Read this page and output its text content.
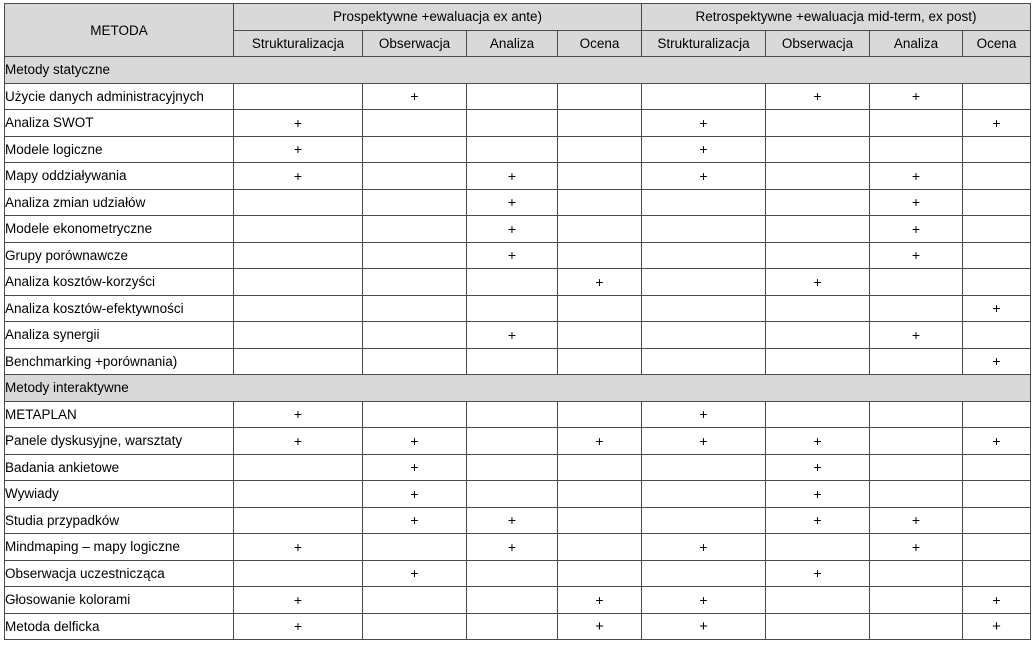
METODA	Prospektywne +ewaluacja ex ante)				Retrospektywne +ewaluacja mid-term, ex post)			
	Strukturalizacja	Obserwacja	Analiza	Ocena	Strukturalizacja	Obserwacja	Analiza	Ocena
Metody statyczne								
Użycie danych administracyjnych		+				+	+	
Analiza SWOT	+				+			+
Modele logiczne	+				+			
Mapy oddziaływania	+		+		+		+	
Analiza zmian udziałów			+				+	
Modele ekonometryczne			+				+	
Grupy porównawcze			+				+	
Analiza kosztów-korzyści				+		+		
Analiza kosztów-efektywności								+
Analiza synergii			+				+	
Benchmarking +porównania)								+
Metody interaktywne								
METAPLAN	+				+			
Panele dyskusyjne, warsztaty	+	+		+	+	+		+
Badania ankietowe		+				+		
Wywiady		+				+		
Studia przypadków		+	+			+	+	
Mindmaping – mapy logiczne	+		+		+		+	
Obserwacja uczestnicząca		+				+		
Głosowanie kolorami	+			+	+			+
Metoda delficka	+			+	+			+
